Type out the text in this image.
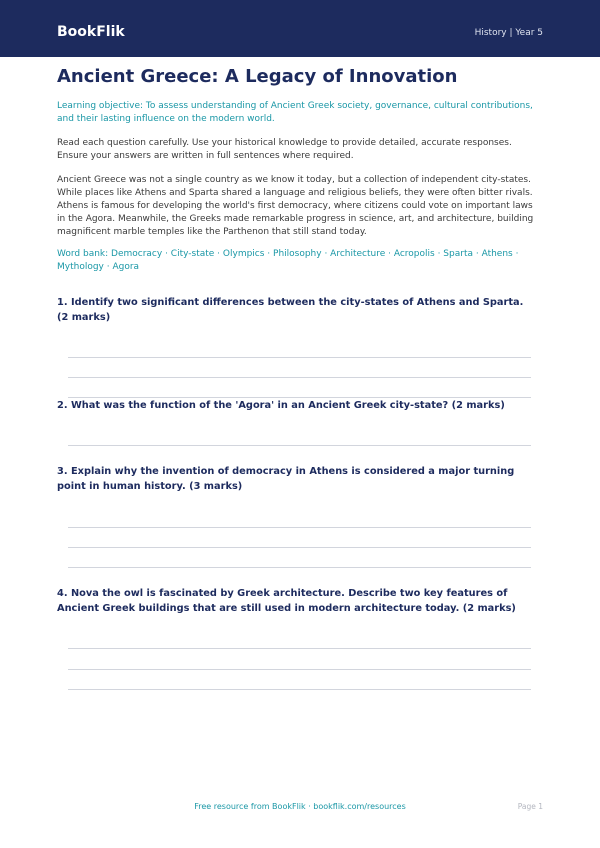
BookFlik	History | Year 5
Ancient Greece: A Legacy of Innovation
Learning objective: To assess understanding of Ancient Greek society, governance, cultural contributions, and their lasting influence on the modern world.
Read each question carefully. Use your historical knowledge to provide detailed, accurate responses. Ensure your answers are written in full sentences where required.
Ancient Greece was not a single country as we know it today, but a collection of independent city-states. While places like Athens and Sparta shared a language and religious beliefs, they were often bitter rivals. Athens is famous for developing the world's first democracy, where citizens could vote on important laws in the Agora. Meanwhile, the Greeks made remarkable progress in science, art, and architecture, building magnificent marble temples like the Parthenon that still stand today.
Word bank: Democracy · City-state · Olympics · Philosophy · Architecture · Acropolis · Sparta · Athens · Mythology · Agora
1. Identify two significant differences between the city-states of Athens and Sparta. (2 marks)
2. What was the function of the 'Agora' in an Ancient Greek city-state? (2 marks)
3. Explain why the invention of democracy in Athens is considered a major turning point in human history. (3 marks)
4. Nova the owl is fascinated by Greek architecture. Describe two key features of Ancient Greek buildings that are still used in modern architecture today. (2 marks)
Free resource from BookFlik · bookflik.com/resources	Page 1
